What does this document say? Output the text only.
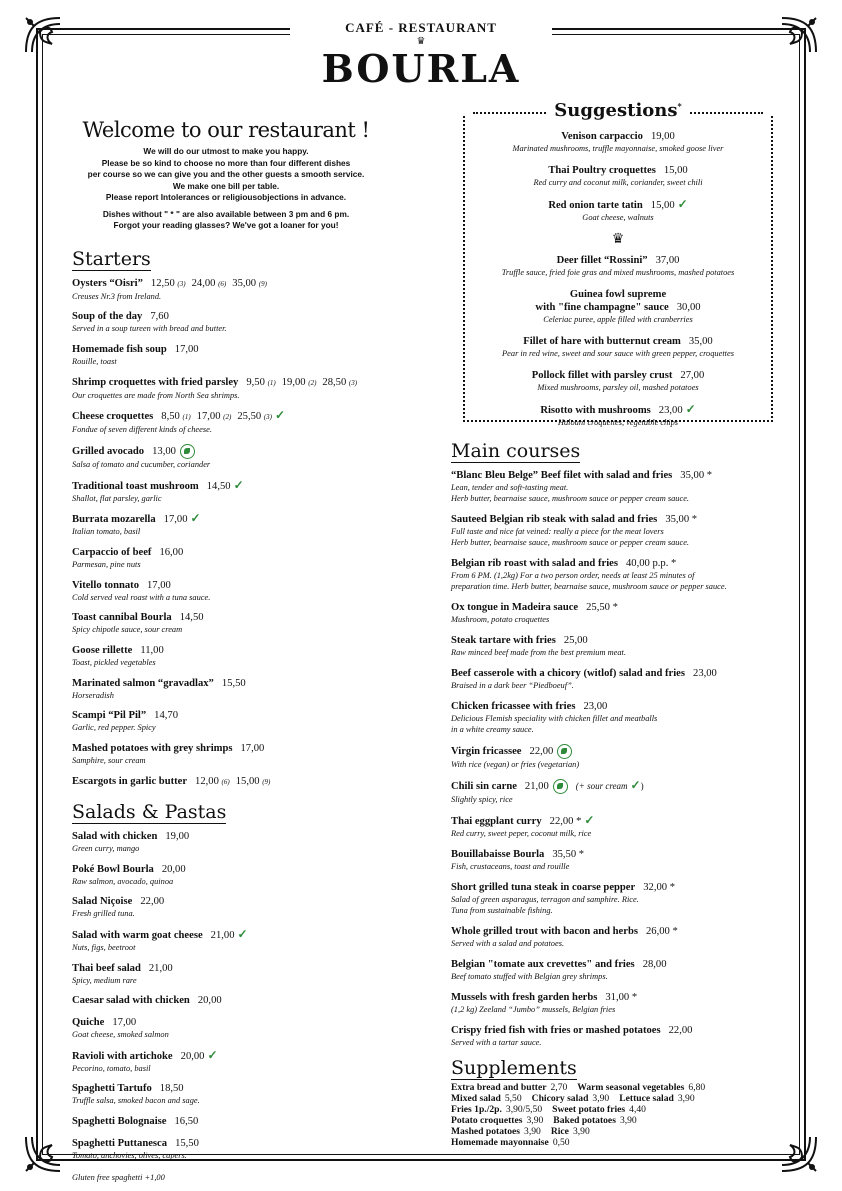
CAFÉ - RESTAURANT
♛
BOURLA
Welcome to our restaurant !

We will do our utmost to make you happy.

Please be so kind to choose no more than four different dishes

per course so we can give you and the other guests a smooth service.

We make one bill per table.

Please report Intolerances or religiousobjections in advance.

Dishes without " * " are also available between 3 pm and 6 pm.

Forgot your reading glasses? We've got a loaner for you!

Starters
Oysters “Oisri” 12,50 (3) 24,00 (6) 35,00 (9)
Creuses Nr.3 from Ireland.
Soup of the day 7,60
Served in a soup tureen with bread and butter.
Homemade fish soup 17,00
Rouille, toast
Shrimp croquettes with fried parsley 9,50 (1) 19,00 (2) 28,50 (3)
Our croquettes are made from North Sea shrimps.
Cheese croquettes 8,50 (1) 17,00 (2) 25,50 (3) ✓
Fondue of seven different kinds of cheese.
Grilled avocado 13,00
Salsa of tomato and cucumber, coriander
Traditional toast mushroom 14,50 ✓
Shallot, flat parsley, garlic
Burrata mozarella 17,00 ✓
Italian tomato, basil
Carpaccio of beef 16,00
Parmesan, pine nuts
Vitello tonnato 17,00
Cold served veal roast with a tuna sauce.
Toast cannibal Bourla 14,50
Spicy chipotle sauce, sour cream
Goose rillette 11,00
Toast, pickled vegetables
Marinated salmon “gravadlax” 15,50
Horseradish
Scampi “Pil Pil” 14,70
Garlic, red pepper. Spicy
Mashed potatoes with grey shrimps 17,00
Samphire, sour cream
Escargots in garlic butter 12,00 (6) 15,00 (9)
Salads & Pastas
Salad with chicken 19,00
Green curry, mango
Poké Bowl Bourla 20,00
Raw salmon, avocado, quinoa
Salad Niçoise 22,00
Fresh grilled tuna.
Salad with warm goat cheese 21,00 ✓
Nuts, figs, beetroot
Thai beef salad 21,00
Spicy, medium rare
Caesar salad with chicken 20,00
Quiche 17,00
Goat cheese, smoked salmon
Ravioli with artichoke 20,00 ✓
Pecorino, tomato, basil
Spaghetti Tartufo 18,50
Truffle salsa, smoked bacon and sage.
Spaghetti Bolognaise 16,50
Spaghetti Puttanesca 15,50
Tomato, anchovies, olives, capers.
Gluten free spaghetti +1,00
Suggestions*
Venison carpaccio 19,00
Marinated mushrooms, truffle mayonnaise, smoked goose liver
Thai Poultry croquettes 15,00
Red curry and coconut milk, coriander, sweet chili
Red onion tarte tatin 15,00 ✓
Goat cheese, walnuts
♛
Deer fillet “Rossini” 37,00
Truffle sauce, fried foie gras and mixed mushrooms, mashed potatoes
Guinea fowl supreme
with "fine champagne" sauce 30,00
Celeriac puree, apple filled with cranberries
Fillet of hare with butternut cream 35,00
Pear in red wine, sweet and sour sauce with green pepper, croquettes
Pollock fillet with parsley crust 27,00
Mixed mushrooms, parsley oil, mashed potatoes
Risotto with mushrooms 23,00 ✓
Halouni croquettes, vegetable chips
Main courses
“Blanc Bleu Belge” Beef filet with salad and fries 35,00 *
Lean, tender and soft-tasting meat.
Herb butter, bearnaise sauce, mushroom sauce or pepper cream sauce.
Sauteed Belgian rib steak with salad and fries 35,00 *
Full taste and nice fat veined: really a piece for the meat lovers
Herb butter, bearnaise sauce, mushroom sauce or pepper cream sauce.
Belgian rib roast with salad and fries 40,00 p.p. *
From 6 PM. (1,2kg) For a two person order, needs at least 25 minutes of
preparation time. Herb butter, bearnaise sauce, mushroom sauce or pepper sauce.
Ox tongue in Madeira sauce 25,50 *
Mushroom, potato croquettes
Steak tartare with fries 25,00
Raw minced beef made from the best premium meat.
Beef casserole with a chicory (witlof) salad and fries 23,00
Braised in a dark beer “Piedboeuf”.
Chicken fricassee with fries 23,00
Delicious Flemish speciality with chicken fillet and meatballs
in a white creamy sauce.
Virgin fricassee 22,00
With rice (vegan) or fries (vegetarian)
Chili sin carne 21,00	(+ sour cream ✓)
Slightly spicy, rice
Thai eggplant curry 22,00 * ✓
Red curry, sweet peper, coconut milk, rice
Bouillabaisse Bourla 35,50 *
Fish, crustaceans, toast and rouille
Short grilled tuna steak in coarse pepper 32,00 *
Salad of green asparagus, terragon and samphire. Rice.
Tuna from sustainable fishing.
Whole grilled trout with bacon and herbs 26,00 *
Served with a salad and potatoes.
Belgian "tomate aux crevettes" and fries 28,00
Beef tomato stuffed with Belgian grey shrimps.
Mussels with fresh garden herbs 31,00 *
(1,2 kg) Zeeland “Jumbo” mussels, Belgian fries
Crispy fried fish with fries or mashed potatoes 22,00
Served with a tartar sauce.
Supplements
Extra bread and butter 2,70 Warm seasonal vegetables 6,80
Mixed salad 5,50 Chicory salad 3,90 Lettuce salad 3,90
Fries 1p./2p. 3,90/5,50 Sweet potato fries 4,40
Potato croquettes 3,90 Baked potatoes 3,90
Mashed potatoes 3,90 Rice 3,90
Homemade mayonnaise 0,50
